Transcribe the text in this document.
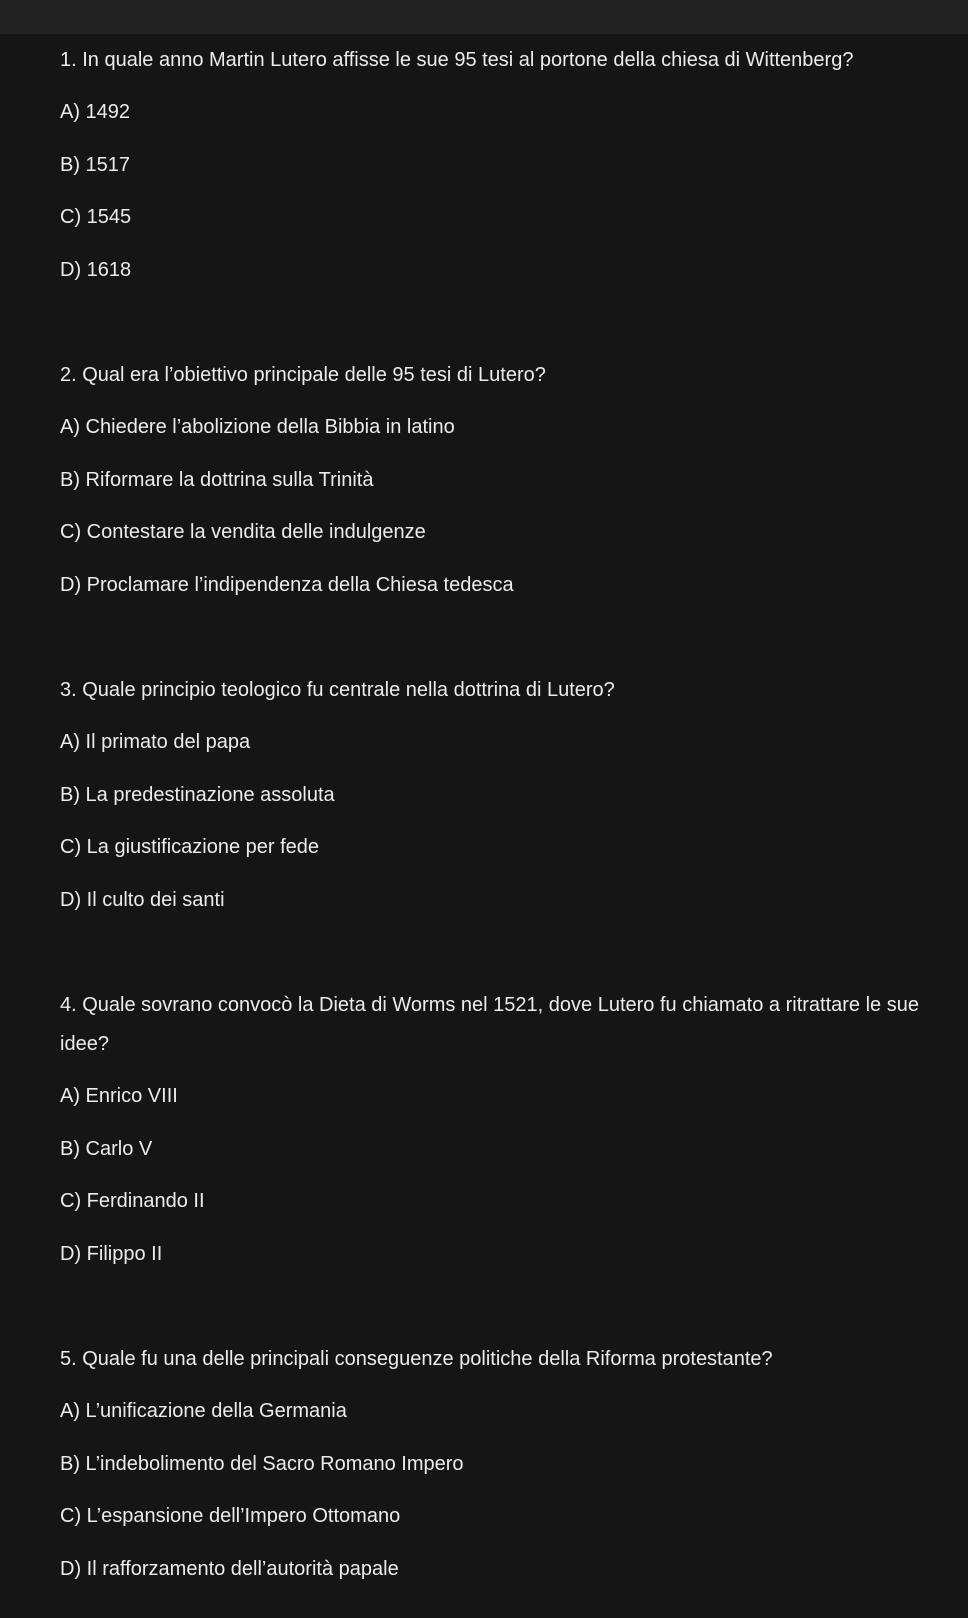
1. In quale anno Martin Lutero affisse le sue 95 tesi al portone della chiesa di Wittenberg?
A) 1492
B) 1517
C) 1545
D) 1618
2. Qual era l’obiettivo principale delle 95 tesi di Lutero?
A) Chiedere l’abolizione della Bibbia in latino
B) Riformare la dottrina sulla Trinità
C) Contestare la vendita delle indulgenze
D) Proclamare l’indipendenza della Chiesa tedesca
3. Quale principio teologico fu centrale nella dottrina di Lutero?
A) Il primato del papa
B) La predestinazione assoluta
C) La giustificazione per fede
D) Il culto dei santi
4. Quale sovrano convocò la Dieta di Worms nel 1521, dove Lutero fu chiamato a ritrattare le sue idee?
A) Enrico VIII
B) Carlo V
C) Ferdinando II
D) Filippo II
5. Quale fu una delle principali conseguenze politiche della Riforma protestante?
A) L’unificazione della Germania
B) L’indebolimento del Sacro Romano Impero
C) L’espansione dell’Impero Ottomano
D) Il rafforzamento dell’autorità papale
